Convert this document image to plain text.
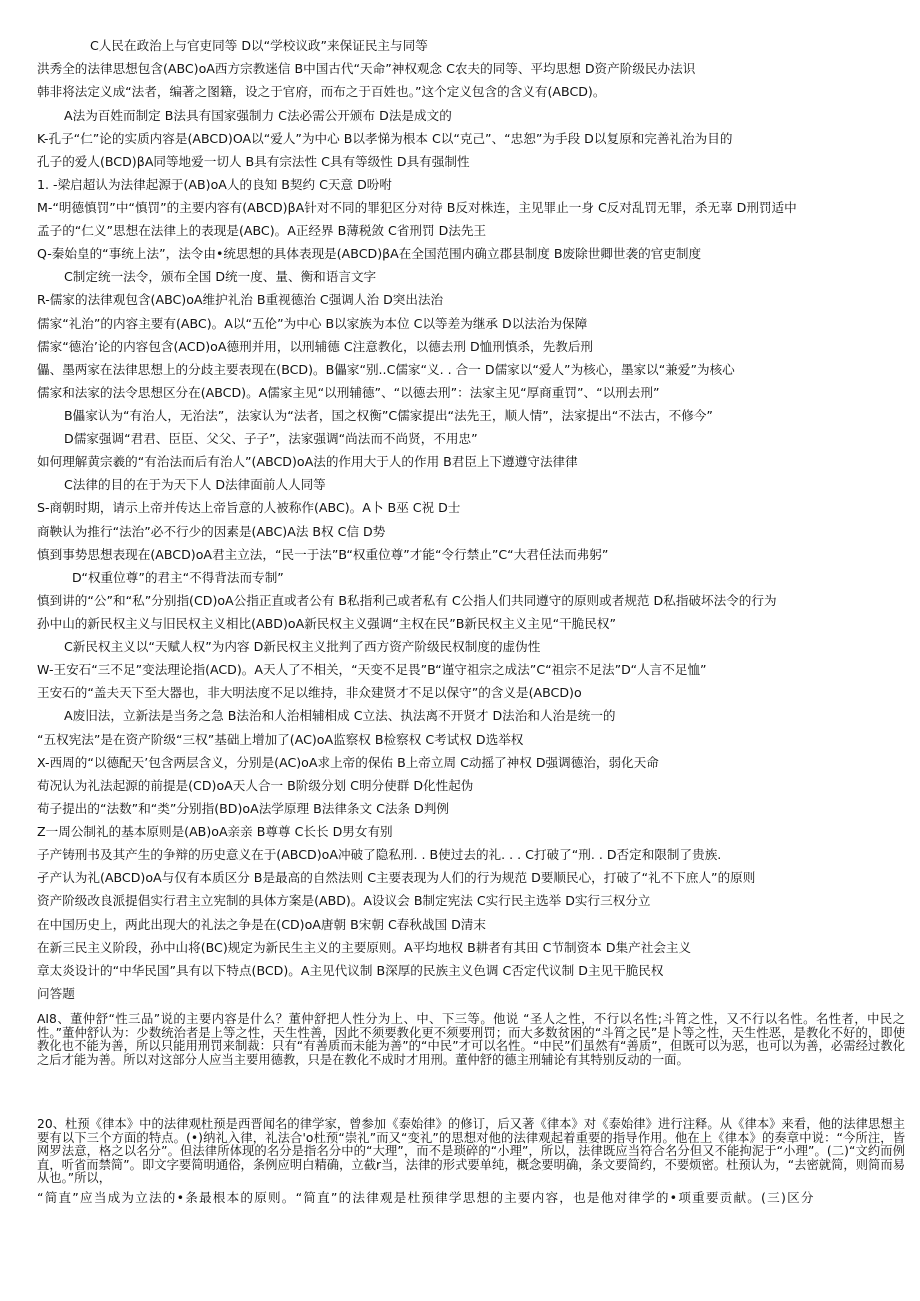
C人民在政治上与官吏同等 D以“学校议政”来保证民主与同等
洪秀全的法律思想包含(ABC)oA西方宗教迷信 B中国古代“天命”神权观念 C农夫的同等、平均思想 D资产阶级民办法识
韩非将法定义成“法者，编著之图籍，设之于官府，而布之于百姓也。”这个定义包含的含义有(ABCD)。
A法为百姓而制定 B法具有国家强制力 C法必需公开颁布 D法是成文的
K-孔子“仁”论的实质内容是(ABCD)OA以“爱人”为中心 B以孝悌为根本 C以“克己”、“忠恕”为手段 D以复原和完善礼治为目的
孔子的爱人(BCD)βA同等地爱一切人 B具有宗法性 C具有等级性 D具有强制性
1. -梁启超认为法律起源于(AB)oA人的良知 B契约 C天意 D吩咐
M-“明德慎罚”中“慎罚”的主要内容有(ABCD)βA针对不同的罪犯区分对待 B反对株连，主见罪止一身 C反对乱罚无罪，杀无辜 D刑罚适中
孟子的“仁义”思想在法律上的表现是(ABC)。A正经界 B薄税敛 C省刑罚 D法先王
Q-秦始皇的“事统上法”，法令由•统思想的具体表现是(ABCD)βA在全国范围内确立郡县制度 B废除世卿世袭的官吏制度
C制定统一法令，颁布全国 D统一度、量、衡和语言文字
R-儒家的法律观包含(ABC)oA维护礼治 B重视德治 C强调人治 D突出法治
儒家“礼治”的内容主要有(ABC)。A以“五伦”为中心 B以家族为本位 C以等差为继承 D以法治为保障
儒家“德治’论的内容包含(ACD)oA德刑并用，以刑辅德 C注意教化，以德去刑 D恤刑慎杀，先教后刑
儡、墨两家在法律思想上的分歧主要表现在(BCD)。B儡家“别..C儒家“义. . 合一 D儒家以“爱人”为核心，墨家以“兼爱”为核心
儒家和法家的法令思想区分在(ABCD)。A儒家主见“以刑辅德”、“以德去刑”：法家主见“厚商重罚”、“以刑去刑”
B儡家认为“有治人，无治法”，法家认为“法者，国之权衡”C儒家提出“法先王，顺人情”，法家提出“不法古，不修今”
D儒家强调“君君、臣臣、父父、子子”，法家强调“尚法而不尚贤，不用忠”
如何理解黄宗羲的“有治法而后有治人”(ABCD)oA法的作用大于人的作用 B君臣上下遵遵守法律律
C法律的目的在于为天下人 D法律面前人人同等
S-商朝时期，请示上帝并传达上帝旨意的人被称作(ABC)。A卜 B巫 C祝 D士
商鞅认为推行“法治”必不行少的因素是(ABC)A法 B权 C信 D势
慎到事势思想表现在(ABCD)oA君主立法，“民一于法”B“权重位尊”才能“令行禁止”C“大君任法而弗躬”
D“权重位尊”的君主“不得背法而专制”
慎到讲的“公”和“私”分别指(CD)oA公指正直或者公有 B私指利己或者私有 C公指人们共同遵守的原则或者规范 D私指破坏法令的行为
孙中山的新民权主义与旧民权主义相比(ABD)oA新民权主义强调“主权在民”B新民权主义主见“干脆民权”
C新民权主义以“天赋人权”为内容 D新民权主义批判了西方资产阶级民权制度的虚伪性
W-王安石“三不足”变法理论指(ACD)。A天人了不相关，“天变不足畏”B“谨守祖宗之成法”C“祖宗不足法”D“人言不足恤”
王安石的“盖夫天下至大器也，非大明法度不足以维持，非众建贤才不足以保守”的含义是(ABCD)o
A废旧法，立新法是当务之急 B法治和人治相辅相成 C立法、执法离不开贤才 D法治和人治是统一的
“五权宪法”是在资产阶级“三权”基础上增加了(AC)oA监察权 B检察权 C考试权 D选举权
X-西周的“以德配天’包含两层含义，分别是(AC)oA求上帝的保佑 B上帝立周 C动摇了神权 D强调德治，弱化天命
荀况认为礼法起源的前提是(CD)oA天人合一 B阶级分划 C明分使群 D化性起伪
荀子提出的“法数”和“类”分别指(BD)oA法学原理 B法律条文 C法条 D判例
Z一周公制礼的基本原则是(AB)oA亲亲 B尊尊 C长长 D男女有别
子产铸刑书及其产生的争辩的历史意义在于(ABCD)oA冲破了隐私刑. . B使过去的礼. . . C打破了“刑. . D否定和限制了贵族.
孑产认为礼(ABCD)oA与仅有本质区分 B是最高的自然法则 C主要表现为人们的行为规范 D要顺民心，打破了“礼不下庶人”的原则
资产阶级改良派提倡实行君主立宪制的具体方案是(ABD)。A设议会 B制定宪法 C实行民主选举 D实行三权分立
在中国历史上，两此出现大的礼法之争是在(CD)oA唐朝 B宋朝 C春秋战国 D清末
在新三民主义阶段，孙中山将(BC)规定为新民生主义的主要原则。A平均地权 B耕者有其田 C节制资本 D集产社会主义
章太炎设计的“中华民国”具有以下特点(BCD)。A主见代议制 B深厚的民族主义色调 C否定代议制 D主见干脆民权
问答题
AI8、董仲舒“性三品”说的主要内容是什么？董仲舒把人性分为上、中、下三等。他说 “圣人之性，不行以名性;斗筲之性，又不行以名性。名性者，中民之性。”董仲舒认为：少数统治者是上等之性，天生性善，因此不须要教化更不须要刑罚；而大多数贫困的“斗筲之民”是卜等之性，天生性恶，是教化不好的，即使教化也不能为善，所以只能用刑罚来制裁：只有“有善质而未能为善”的“中民”才可以名性。“中民”们虽然有“善质”，但既可以为恶，也可以为善，必需经过教化之后才能为善。所以对这部分人应当主要用德教，只是在教化不成时才用刑。董仲舒的德主刑辅论有其特别反动的一面。
20、杜预《律本》中的法律观杜预是西晋闻名的律学家，曾参加《泰始律》的修订，后又著《律本》对《泰始律》进行注释。从《律本》来看，他的法律思想主要有以下三个方面的特点。(•)纳礼入律，礼法合'o杜预“崇礼”而又“变礼”的思想对他的法律观起着重要的指导作用。他在上《律本》的奏章中说：“今所注，皆网罗法意，格之以名分”。但法律所体现的名分是指名分中的“大理”，而不是琐碎的“小理”，所以，法律既应当符合名分但又不能拘泥于“小理”。(二)“文约而例直，听省而禁简”。即文字要简明通俗，条例应明白精确，立截r当，法律的形式要单纯，概念要明确，条文要简约，不要烦密。杜预认为，“去密就简，则简而易从也。”所以，
“简直”应当成为立法的•条最根本的原则。“简直”的法律观是杜预律学思想的主要内容，也是他对律学的•项重要贡献。(三)区分
